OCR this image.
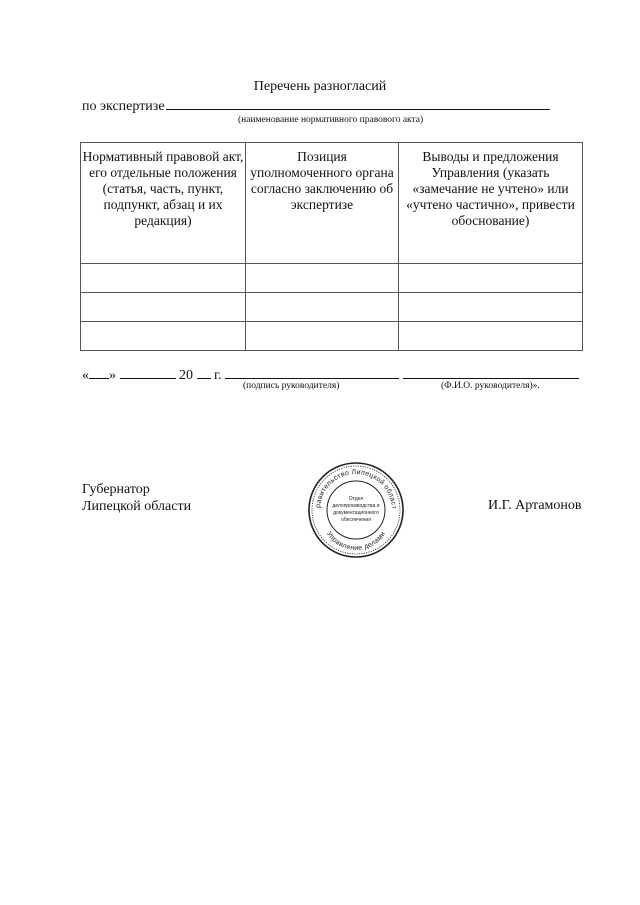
Перечень разногласий
по экспертизе
(наименование нормативного правового акта)
Нормативный правовой акт, его отдельные положения (статья, часть, пункт, подпункт, абзац и их редакция)	Позиция уполномоченного органа согласно заключению об экспертизе	Выводы и предложения Управления (указать «замечание не учтено» или «учтено частично», привести обоснование)

« »	20 г.
(подпись руководителя)	(Ф.И.О. руководителя)».
Губернатор
Липецкой области	равительство Липецкой област
Управление делами
Отдел
делопроизводства и
документационного
обеспечения
И.Г. Артамонов
